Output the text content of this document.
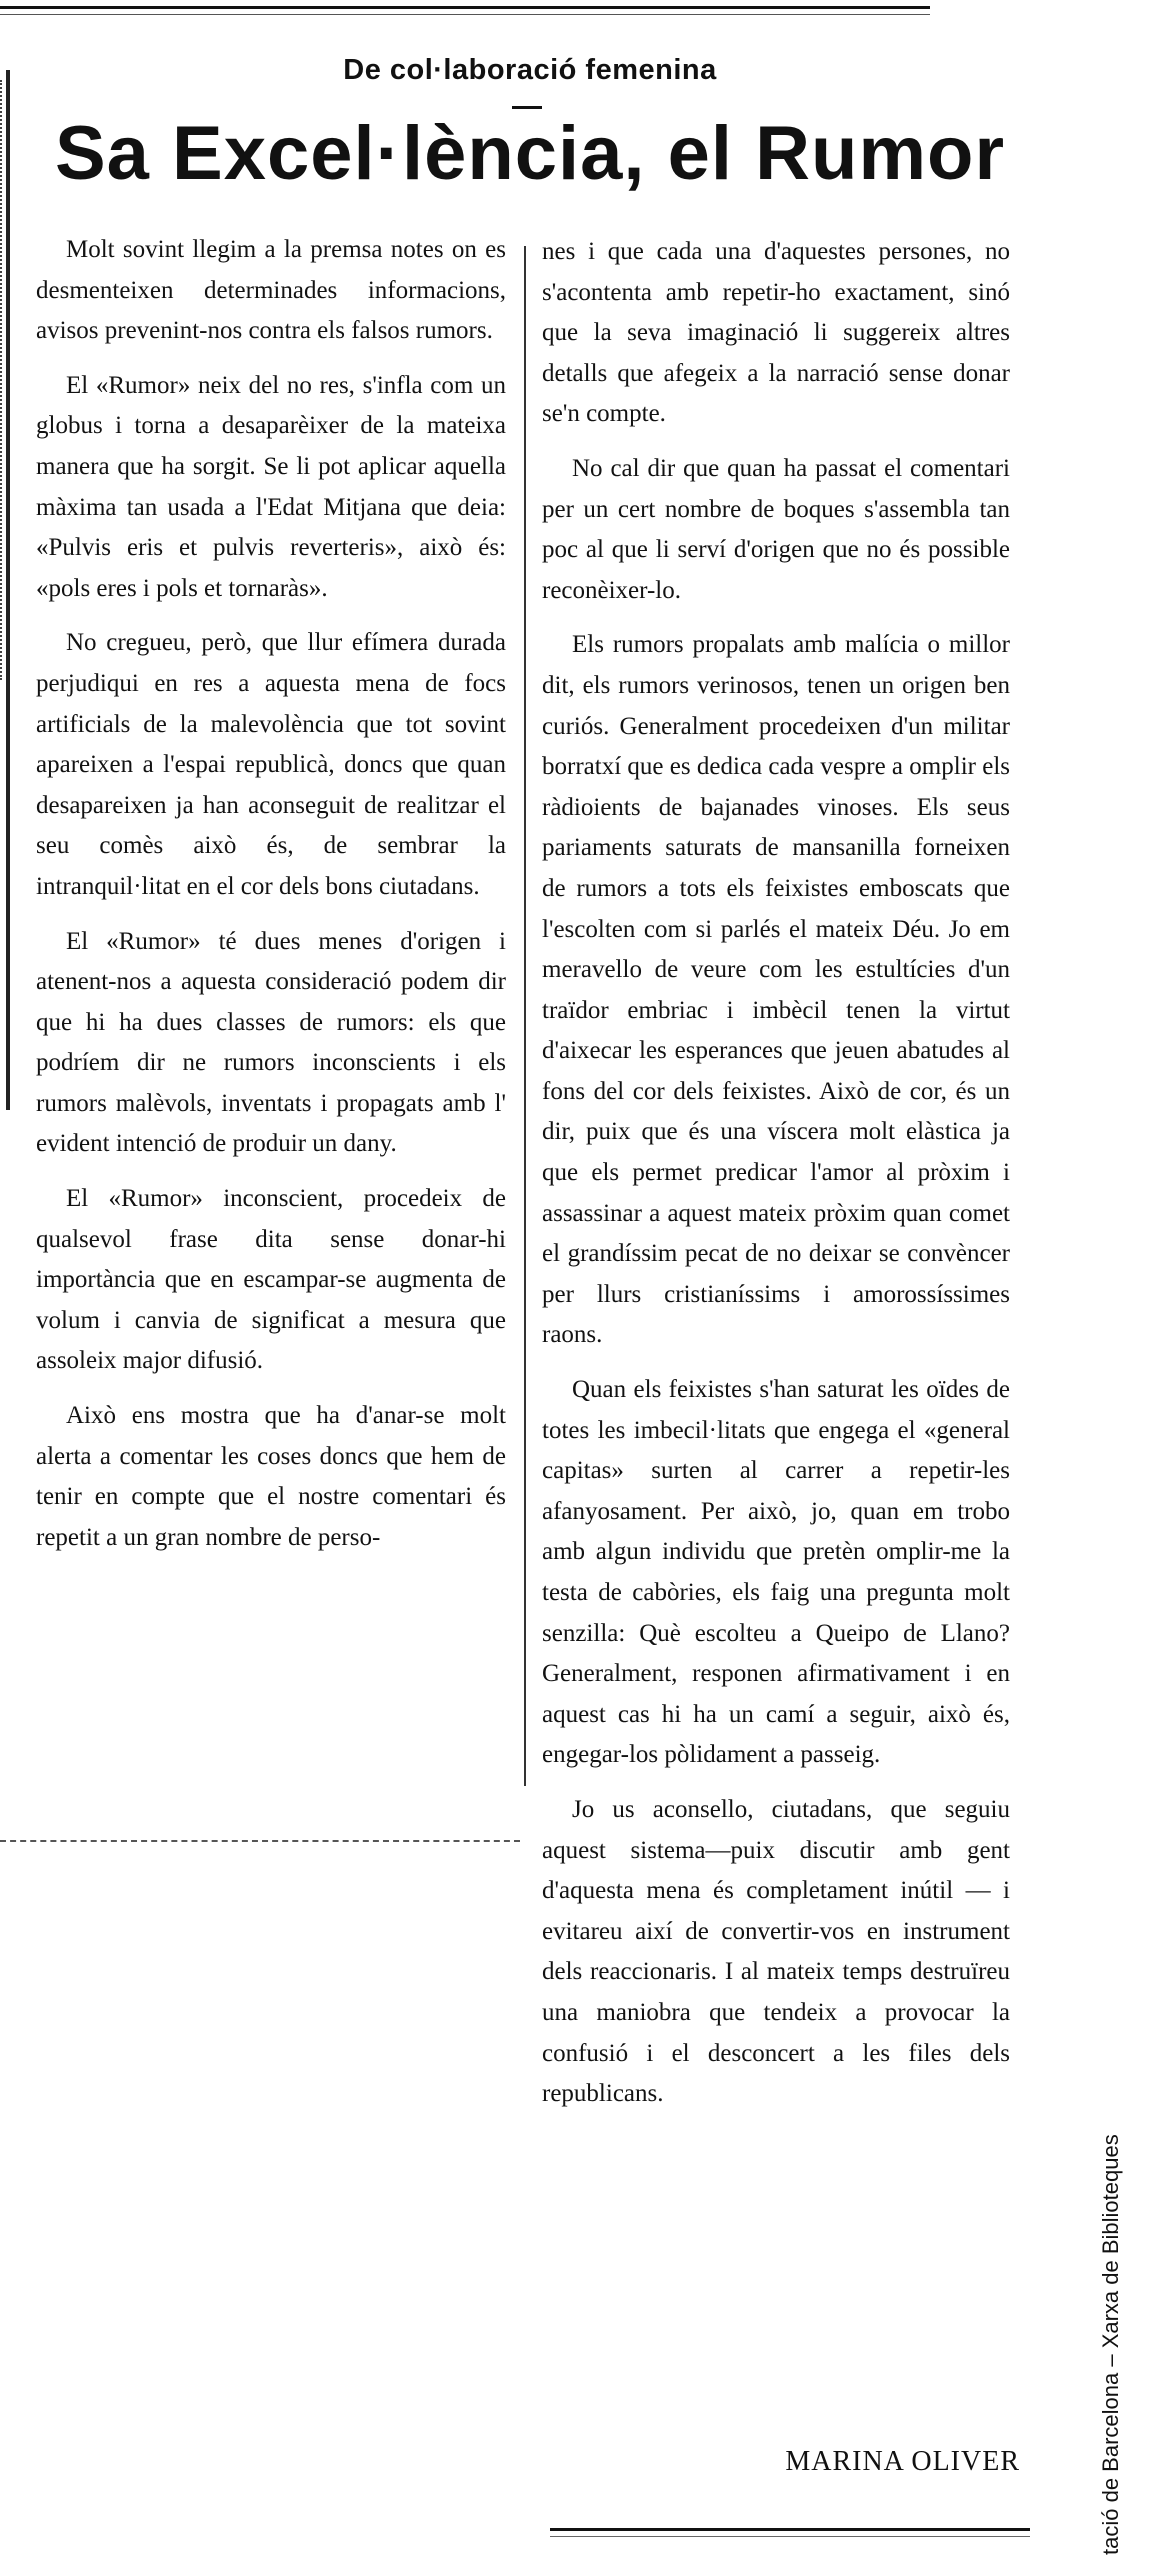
De col·laboració femenina
Sa Excel·lència, el Rumor

Molt sovint llegim a la premsa notes on es desmenteixen determinades informacions, avisos prevenint-nos contra els falsos rumors.

El «Rumor» neix del no res, s'infla com un globus i torna a desaparèixer de la mateixa manera que ha sorgit. Se li pot aplicar aquella màxima tan usada a l'Edat Mitjana que deia: «Pulvis eris et pulvis reverteris», això és: «pols eres i pols et tornaràs».

No cregueu, però, que llur efímera durada perjudiqui en res a aquesta mena de focs artificials de la malevolència que tot sovint apareixen a l'espai republicà, doncs que quan desapareixen ja han aconseguit de realitzar el seu comès això és, de sembrar la intranquil·litat en el cor dels bons ciutadans.

El «Rumor» té dues menes d'origen i atenent-nos a aquesta consideració podem dir que hi ha dues classes de rumors: els que podríem dir ne rumors inconscients i els rumors malèvols, inventats i propagats amb l' evident intenció de produir un dany.

El «Rumor» inconscient, procedeix de qualsevol frase dita sense donar-hi importància que en escampar-se augmenta de volum i canvia de significat a mesura que assoleix major difusió.

Això ens mostra que ha d'anar-se molt alerta a comentar les coses doncs que hem de tenir en compte que el nostre comentari és repetit a un gran nombre de perso-

nes i que cada una d'aquestes persones, no s'acontenta amb repetir-ho exactament, sinó que la seva imaginació li suggereix altres detalls que afegeix a la narració sense donar se'n compte.

No cal dir que quan ha passat el comentari per un cert nombre de boques s'assembla tan poc al que li serví d'origen que no és possible reconèixer-lo.

Els rumors propalats amb malícia o millor dit, els rumors verinosos, tenen un origen ben curiós. Generalment procedeixen d'un militar borratxí que es dedica cada vespre a omplir els ràdioients de bajanades vinoses. Els seus pariaments saturats de mansanilla forneixen de rumors a tots els feixistes emboscats que l'escolten com si parlés el mateix Déu. Jo em meravello de veure com les estultícies d'un traïdor embriac i imbècil tenen la virtut d'aixecar les esperances que jeuen abatudes al fons del cor dels feixistes. Això de cor, és un dir, puix que és una víscera molt elàstica ja que els permet predicar l'amor al pròxim i assassinar a aquest mateix pròxim quan comet el grandíssim pecat de no deixar se convèncer per llurs cristianíssims i amorossíssimes raons.

Quan els feixistes s'han saturat les oïdes de totes les imbecil·litats que engega el «general capitas» surten al carrer a repetir-les afanyosament. Per això, jo, quan em trobo amb algun individu que pretèn omplir-me la testa de cabòries, els faig una pregunta molt senzilla: Què escolteu a Queipo de Llano? Generalment, responen afirmativament i en aquest cas hi ha un camí a seguir, això és, engegar-los pòlidament a passeig.

Jo us aconsello, ciutadans, que seguiu aquest sistema—puix discutir amb gent d'aquesta mena és completament inútil — i evitareu així de convertir-vos en instrument dels reaccionaris. I al mateix temps destruïreu una maniobra que tendeix a provocar la confusió i el desconcert a les files dels republicans.

MARINA OLIVER	tació de Barcelona – Xarxa de Biblioteques
